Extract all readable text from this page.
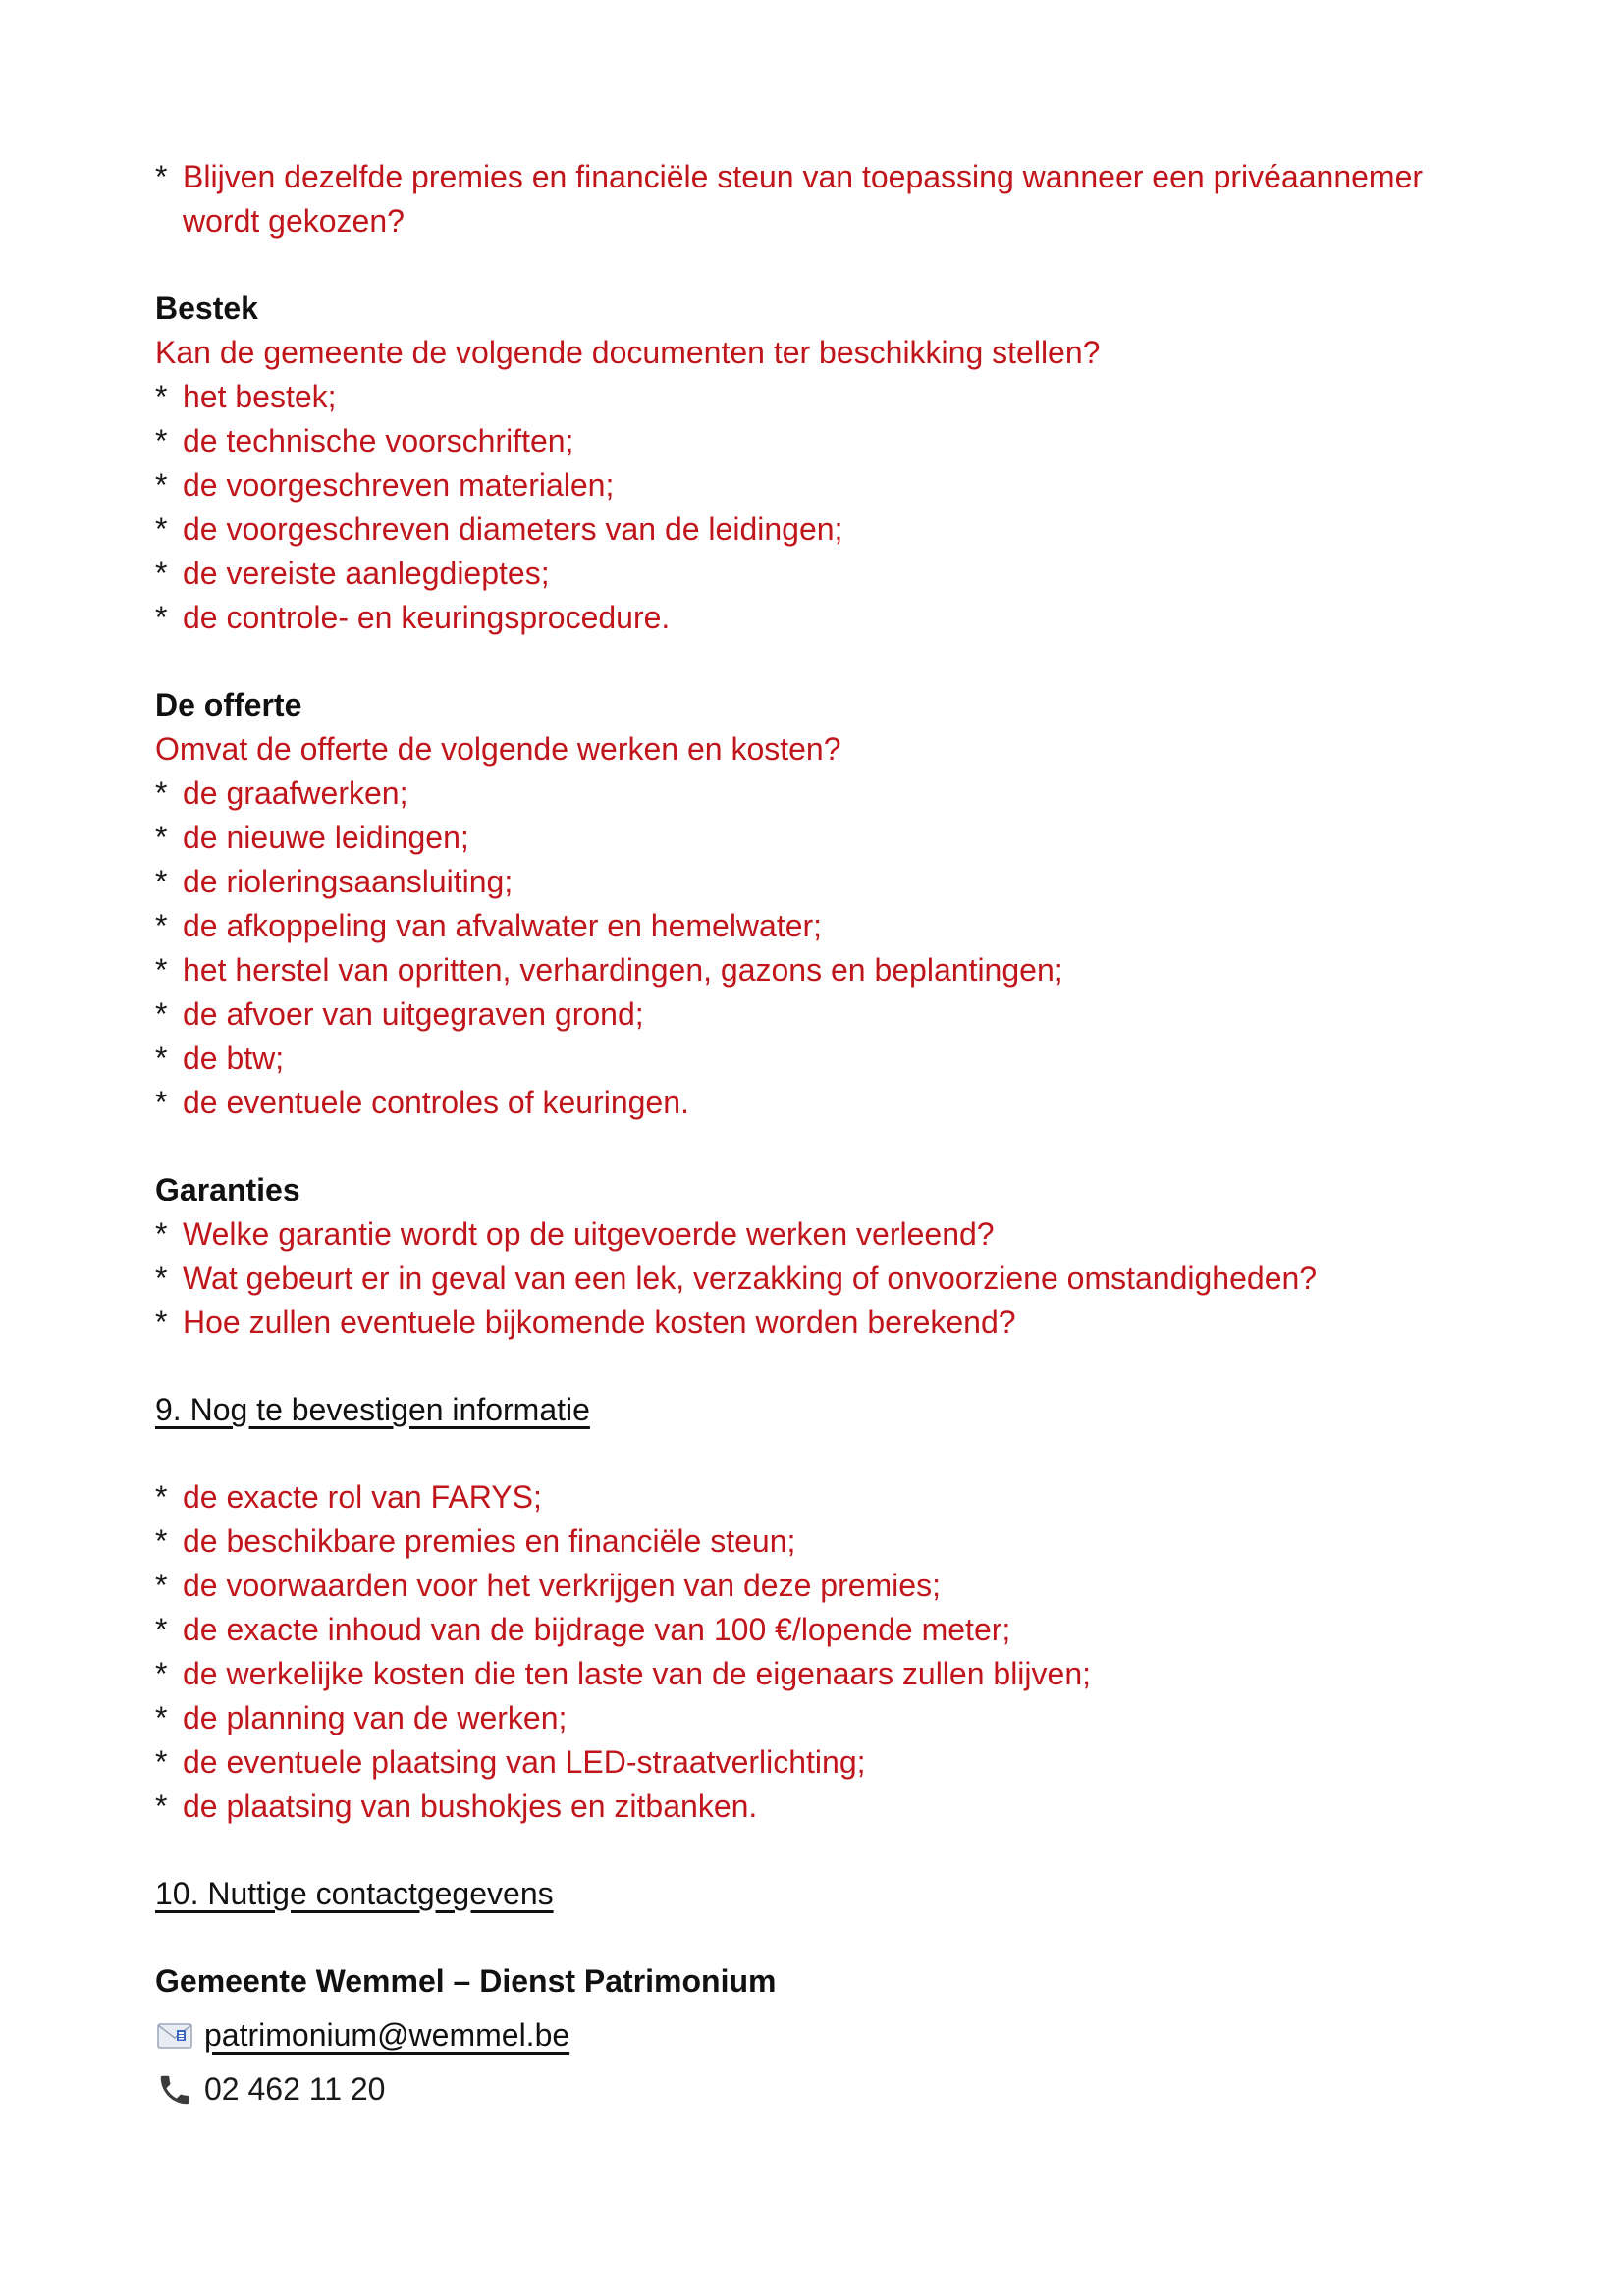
* Blijven dezelfde premies en financiële steun van toepassing wanneer een privéaannemer wordt gekozen?
Bestek
Kan de gemeente de volgende documenten ter beschikking stellen?
* het bestek;
* de technische voorschriften;
* de voorgeschreven materialen;
* de voorgeschreven diameters van de leidingen;
* de vereiste aanlegdieptes;
* de controle- en keuringsprocedure.
De offerte
Omvat de offerte de volgende werken en kosten?
* de graafwerken;
* de nieuwe leidingen;
* de rioleringsaansluiting;
* de afkoppeling van afvalwater en hemelwater;
* het herstel van opritten, verhardingen, gazons en beplantingen;
* de afvoer van uitgegraven grond;
* de btw;
* de eventuele controles of keuringen.
Garanties
* Welke garantie wordt op de uitgevoerde werken verleend?
* Wat gebeurt er in geval van een lek, verzakking of onvoorziene omstandigheden?
* Hoe zullen eventuele bijkomende kosten worden berekend?
9. Nog te bevestigen informatie
* de exacte rol van FARYS;
* de beschikbare premies en financiële steun;
* de voorwaarden voor het verkrijgen van deze premies;
* de exacte inhoud van de bijdrage van 100 €/lopende meter;
* de werkelijke kosten die ten laste van de eigenaars zullen blijven;
* de planning van de werken;
* de eventuele plaatsing van LED-straatverlichting;
* de plaatsing van bushokjes en zitbanken.
10. Nuttige contactgegevens
Gemeente Wemmel – Dienst Patrimonium
patrimonium@wemmel.be
02 462 11 20
